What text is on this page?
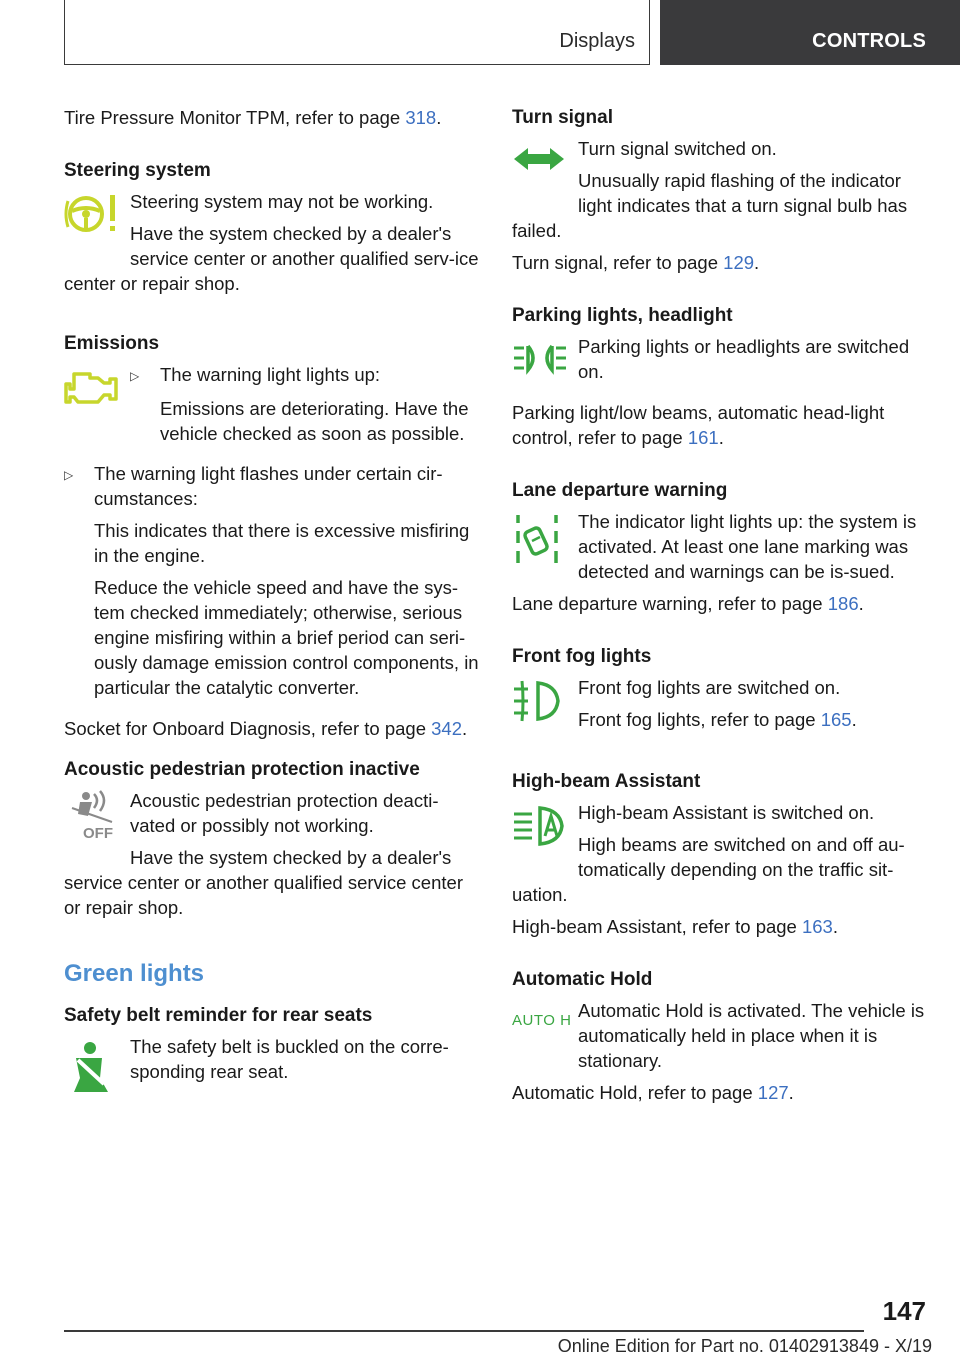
Displays	CONTROLS
Tire Pressure Monitor TPM, refer to page 318.
Steering system
Steering system may not be working.
Have the system checked by a dealer's service center or another qualified serv-ice center or repair shop.
Emissions
▷	The warning light lights up:
Emissions are deteriorating. Have the vehicle checked as soon as possible.
▷	The warning light flashes under certain cir-cumstances:
This indicates that there is excessive misfiring in the engine.
Reduce the vehicle speed and have the sys-tem checked immediately; otherwise, serious engine misfiring within a brief period can seri-ously damage emission control components, in particular the catalytic converter.
Socket for Onboard Diagnosis, refer to page 342.
Acoustic pedestrian protection inactive
OFF
Acoustic pedestrian protection deacti-vated or possibly not working.
Have the system checked by a dealer's service center or another qualified service center or repair shop.
Green lights
Safety belt reminder for rear seats
The safety belt is buckled on the corre-sponding rear seat.
Turn signal
Turn signal switched on.
Unusually rapid flashing of the indicator light indicates that a turn signal bulb has failed.
Turn signal, refer to page 129.
Parking lights, headlight
Parking lights or headlights are switched on.
Parking light/low beams, automatic head-light control, refer to page 161.
Lane departure warning
The indicator light lights up: the system is activated. At least one lane marking was detected and warnings can be is-sued.
Lane departure warning, refer to page 186.
Front fog lights
Front fog lights are switched on.
Front fog lights, refer to page 165.
High-beam Assistant
High-beam Assistant is switched on.
High beams are switched on and off au-tomatically depending on the traffic sit-uation.
High-beam Assistant, refer to page 163.
Automatic Hold
AUTO H Automatic Hold is activated. The vehicle is automatically held in place when it is stationary.
Automatic Hold, refer to page 127.
147
Online Edition for Part no. 01402913849 - X/19
